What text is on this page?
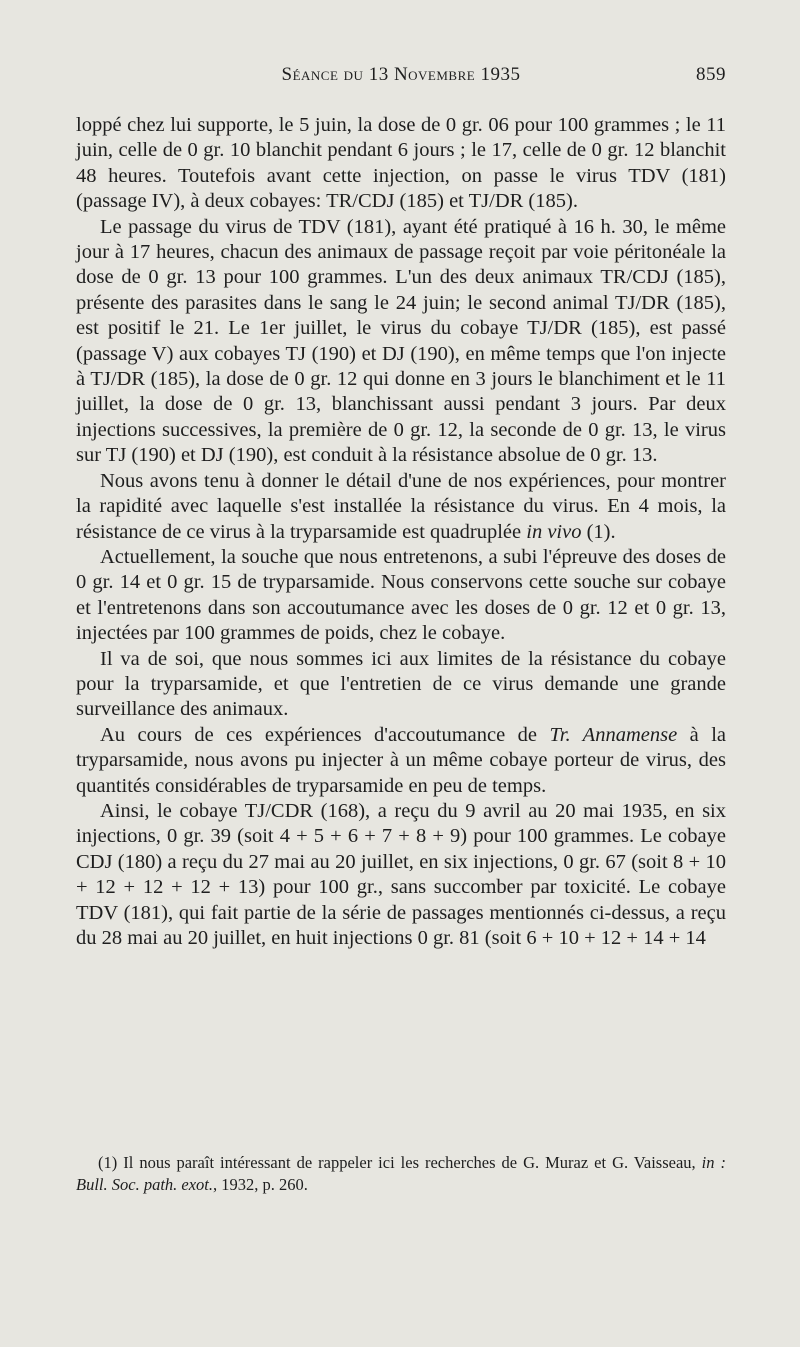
Séance du 13 Novembre 1935	859

loppé chez lui supporte, le 5 juin, la dose de 0 gr. 06 pour 100 grammes ; le 11 juin, celle de 0 gr. 10 blanchit pendant 6 jours ; le 17, celle de 0 gr. 12 blanchit 48 heures. Toutefois avant cette injection, on passe le virus TDV (181) (passage IV), à deux cobayes: TR/CDJ (185) et TJ/DR (185).

Le passage du virus de TDV (181), ayant été pratiqué à 16 h. 30, le même jour à 17 heures, chacun des animaux de passage reçoit par voie péritonéale la dose de 0 gr. 13 pour 100 grammes. L'un des deux animaux TR/CDJ (185), présente des parasites dans le sang le 24 juin; le second animal TJ/DR (185), est positif le 21. Le 1er juillet, le virus du cobaye TJ/DR (185), est passé (passage V) aux cobayes TJ (190) et DJ (190), en même temps que l'on injecte à TJ/DR (185), la dose de 0 gr. 12 qui donne en 3 jours le blanchiment et le 11 juillet, la dose de 0 gr. 13, blanchissant aussi pendant 3 jours. Par deux injections successives, la première de 0 gr. 12, la seconde de 0 gr. 13, le virus sur TJ (190) et DJ (190), est conduit à la résistance absolue de 0 gr. 13.

Nous avons tenu à donner le détail d'une de nos expériences, pour montrer la rapidité avec laquelle s'est installée la résistance du virus. En 4 mois, la résistance de ce virus à la tryparsamide est quadruplée in vivo (1).

Actuellement, la souche que nous entretenons, a subi l'épreuve des doses de 0 gr. 14 et 0 gr. 15 de tryparsamide. Nous conservons cette souche sur cobaye et l'entretenons dans son accoutumance avec les doses de 0 gr. 12 et 0 gr. 13, injectées par 100 grammes de poids, chez le cobaye.

Il va de soi, que nous sommes ici aux limites de la résistance du cobaye pour la tryparsamide, et que l'entretien de ce virus demande une grande surveillance des animaux.

Au cours de ces expériences d'accoutumance de Tr. Annamense à la tryparsamide, nous avons pu injecter à un même cobaye porteur de virus, des quantités considérables de tryparsamide en peu de temps.

Ainsi, le cobaye TJ/CDR (168), a reçu du 9 avril au 20 mai 1935, en six injections, 0 gr. 39 (soit 4 + 5 + 6 + 7 + 8 + 9) pour 100 grammes. Le cobaye CDJ (180) a reçu du 27 mai au 20 juillet, en six injections, 0 gr. 67 (soit 8 + 10 + 12 + 12 + 12 + 13) pour 100 gr., sans succomber par toxicité. Le cobaye TDV (181), qui fait partie de la série de passages mentionnés ci-dessus, a reçu du 28 mai au 20 juillet, en huit injections 0 gr. 81 (soit 6 + 10 + 12 + 14 + 14

(1) Il nous paraît intéressant de rappeler ici les recherches de G. Muraz et G. Vaisseau, in : Bull. Soc. path. exot., 1932, p. 260.
